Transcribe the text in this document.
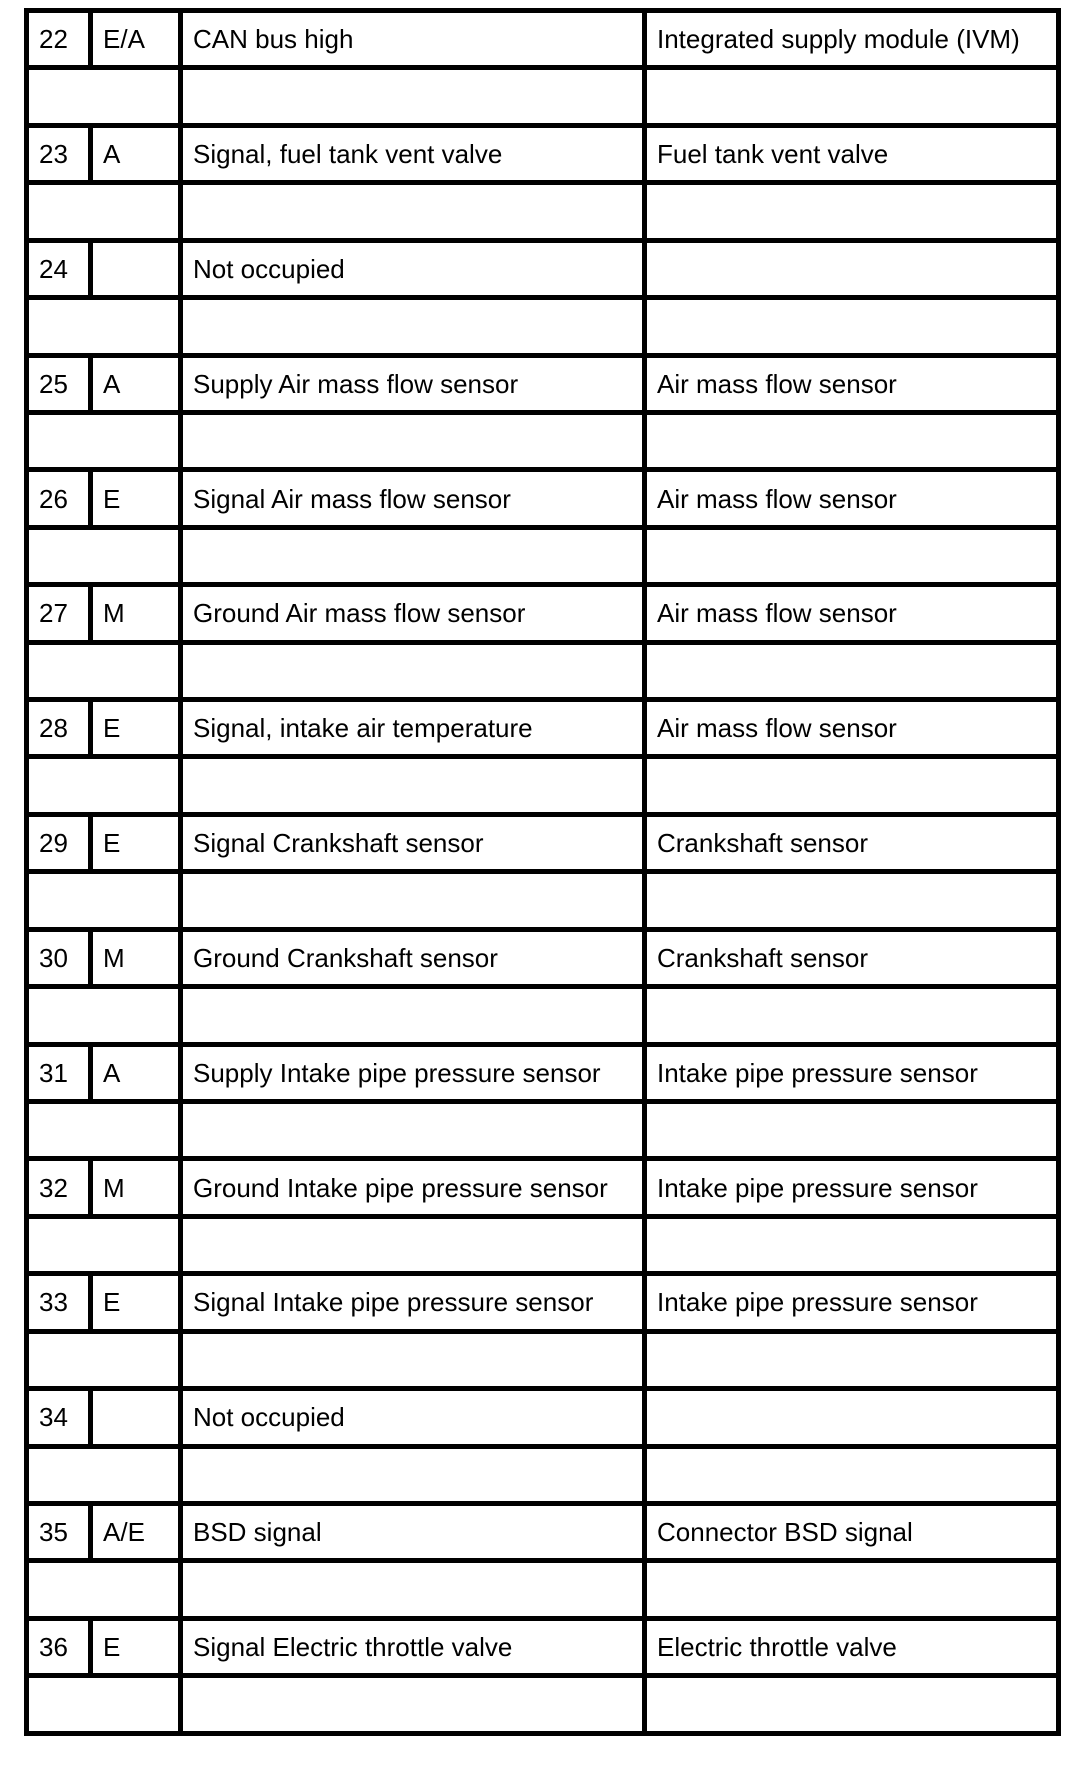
22	E/A	CAN bus high	Integrated supply module (IVM)

23	A	Signal, fuel tank vent valve	Fuel tank vent valve

24		Not occupied	

25	A	Supply Air mass flow sensor	Air mass flow sensor

26	E	Signal Air mass flow sensor	Air mass flow sensor

27	M	Ground Air mass flow sensor	Air mass flow sensor

28	E	Signal, intake air temperature	Air mass flow sensor

29	E	Signal Crankshaft sensor	Crankshaft sensor

30	M	Ground Crankshaft sensor	Crankshaft sensor

31	A	Supply Intake pipe pressure sensor	Intake pipe pressure sensor

32	M	Ground Intake pipe pressure sensor	Intake pipe pressure sensor

33	E	Signal Intake pipe pressure sensor	Intake pipe pressure sensor

34		Not occupied	

35	A/E	BSD signal	Connector BSD signal

36	E	Signal Electric throttle valve	Electric throttle valve
